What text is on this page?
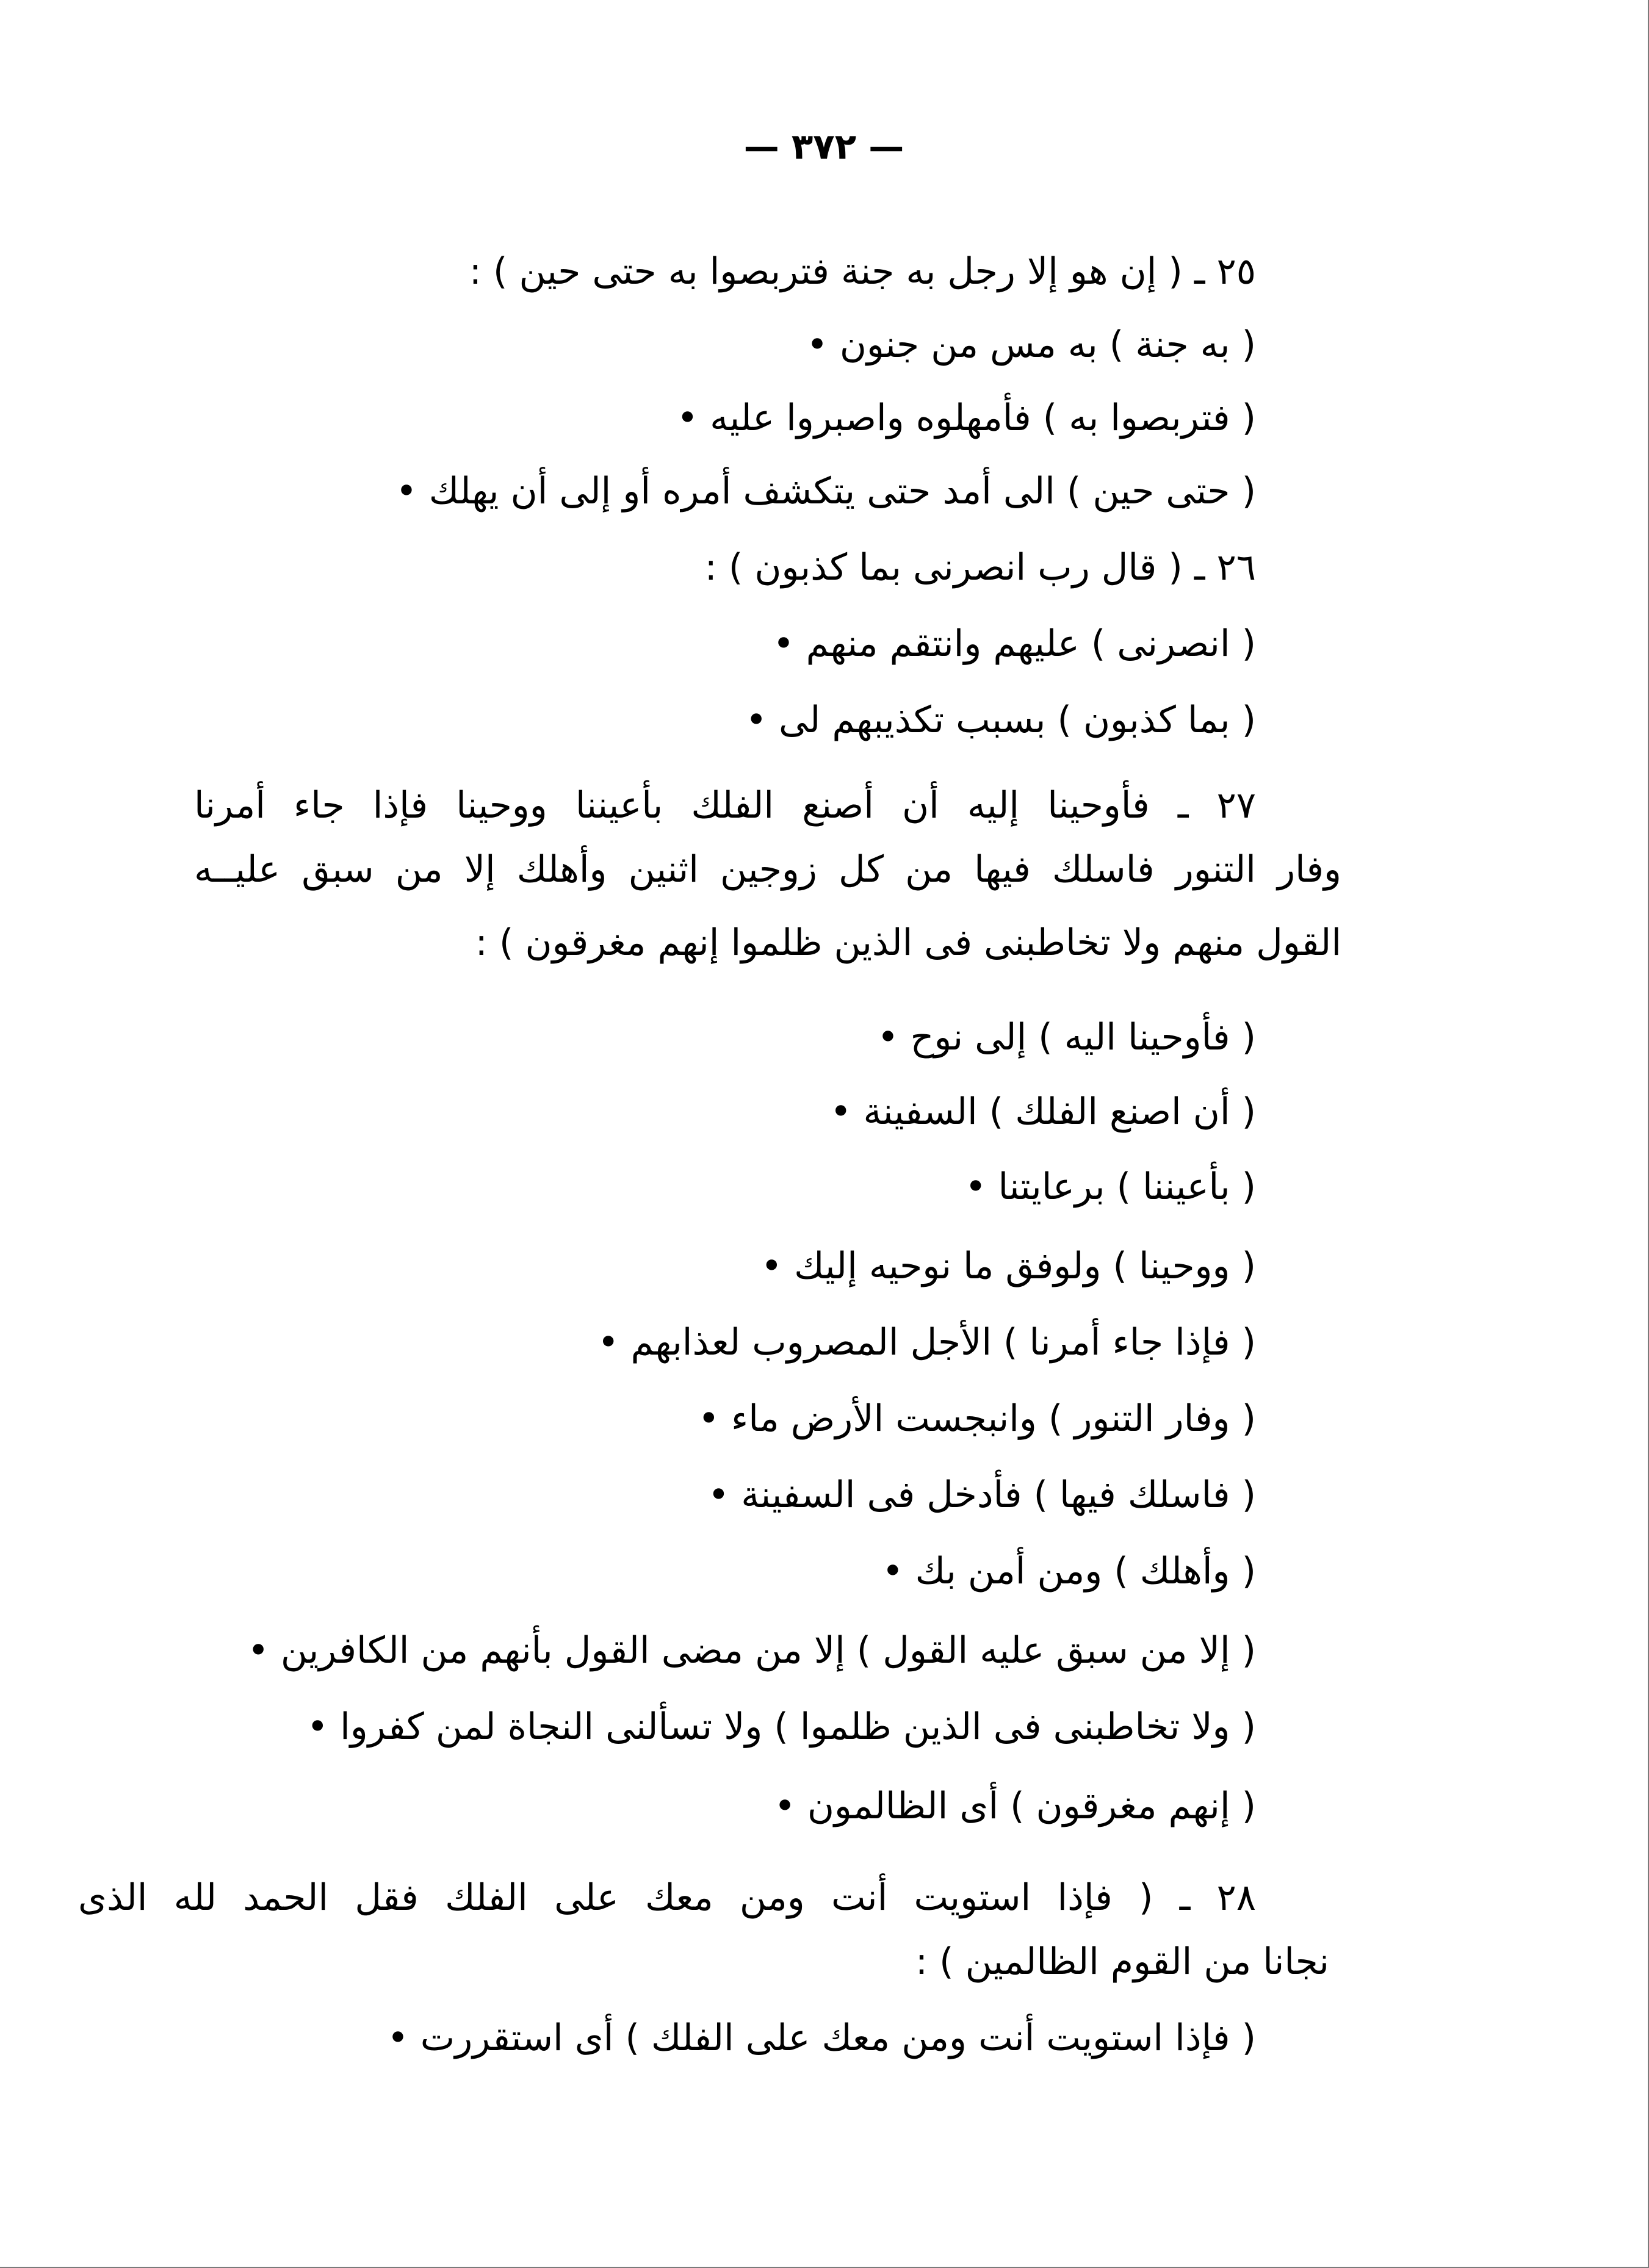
— ٣٧٢ —
٢٥ ـ ( إن هو إلا رجل به جنة فتربصوا به حتى حين ) :
( به جنة ) به مس من جنون •
( فتربصوا به ) فأمهلوه واصبروا عليه •
( حتى حين ) الى أمد حتى يتكشف أمره أو إلى أن يهلك •
٢٦ ـ ( قال رب انصرنى بما كذبون ) :
( انصرنى ) عليهم وانتقم منهم •
( بما كذبون ) بسبب تكذيبهم لى •
٢٧ ـ فأوحينا إليه أن أصنع الفلك بأعيننا ووحينا فإذا جاء أمرنا
وفار التنور فاسلك فيها من كل زوجين اثنين وأهلك إلا من سبق عليــه
القول منهم ولا تخاطبنى فى الذين ظلموا إنهم مغرقون ) :
( فأوحينا اليه ) إلى نوح •
( أن اصنع الفلك ) السفينة •
( بأعيننا ) برعايتنا •
( ووحينا ) ولوفق ما نوحيه إليك •
( فإذا جاء أمرنا ) الأجل المصروب لعذابهم •
( وفار التنور ) وانبجست الأرض ماء •
( فاسلك فيها ) فأدخل فى السفينة •
( وأهلك ) ومن أمن بك •
( إلا من سبق عليه القول ) إلا من مضى القول بأنهم من الكافرين •
( ولا تخاطبنى فى الذين ظلموا ) ولا تسألنى النجاة لمن كفروا •
( إنهم مغرقون ) أى الظالمون •
٢٨ ـ ( فإذا استويت أنت ومن معك على الفلك فقل الحمد لله الذى
نجانا من القوم الظالمين ) :
( فإذا استويت أنت ومن معك على الفلك ) أى استقررت •
